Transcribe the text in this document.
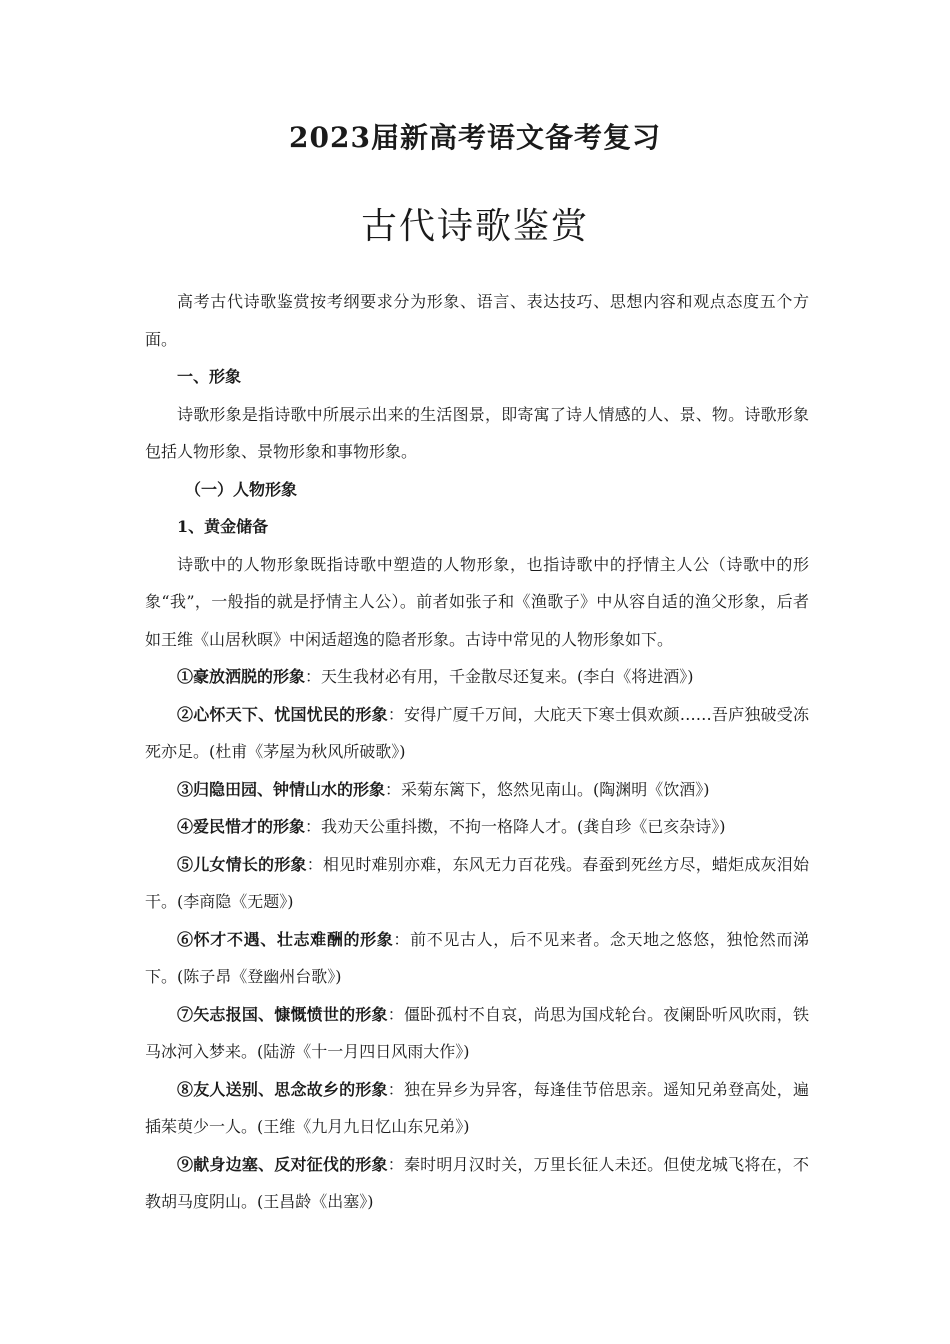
2023届新高考语文备考复习
古代诗歌鉴赏

高考古代诗歌鉴赏按考纲要求分为形象、语言、表达技巧、思想内容和观点态度五个方面。

一、形象

诗歌形象是指诗歌中所展示出来的生活图景，即寄寓了诗人情感的人、景、物。诗歌形象包括人物形象、景物形象和事物形象。

（一）人物形象

1、黄金储备

诗歌中的人物形象既指诗歌中塑造的人物形象，也指诗歌中的抒情主人公（诗歌中的形象“我”，一般指的就是抒情主人公）。前者如张子和《渔歌子》中从容自适的渔父形象，后者如王维《山居秋暝》中闲适超逸的隐者形象。古诗中常见的人物形象如下。

①豪放洒脱的形象：天生我材必有用，千金散尽还复来。(李白《将进酒》)

②心怀天下、忧国忧民的形象：安得广厦千万间，大庇天下寒士俱欢颜……吾庐独破受冻死亦足。(杜甫《茅屋为秋风所破歌》)

③归隐田园、钟情山水的形象：采菊东篱下，悠然见南山。(陶渊明《饮酒》)

④爱民惜才的形象：我劝天公重抖擞，不拘一格降人才。(龚自珍《已亥杂诗》)

⑤儿女情长的形象：相见时难别亦难，东风无力百花残。春蚕到死丝方尽，蜡炬成灰泪始干。(李商隐《无题》)

⑥怀才不遇、壮志难酬的形象：前不见古人，后不见来者。念天地之悠悠，独怆然而涕下。(陈子昂《登幽州台歌》)

⑦矢志报国、慷慨愤世的形象：僵卧孤村不自哀，尚思为国戍轮台。夜阑卧听风吹雨，铁马冰河入梦来。(陆游《十一月四日风雨大作》)

⑧友人送别、思念故乡的形象：独在异乡为异客，每逢佳节倍思亲。遥知兄弟登高处，遍插茱萸少一人。(王维《九月九日忆山东兄弟》)

⑨献身边塞、反对征伐的形象：秦时明月汉时关，万里长征人未还。但使龙城飞将在，不教胡马度阴山。(王昌龄《出塞》)
